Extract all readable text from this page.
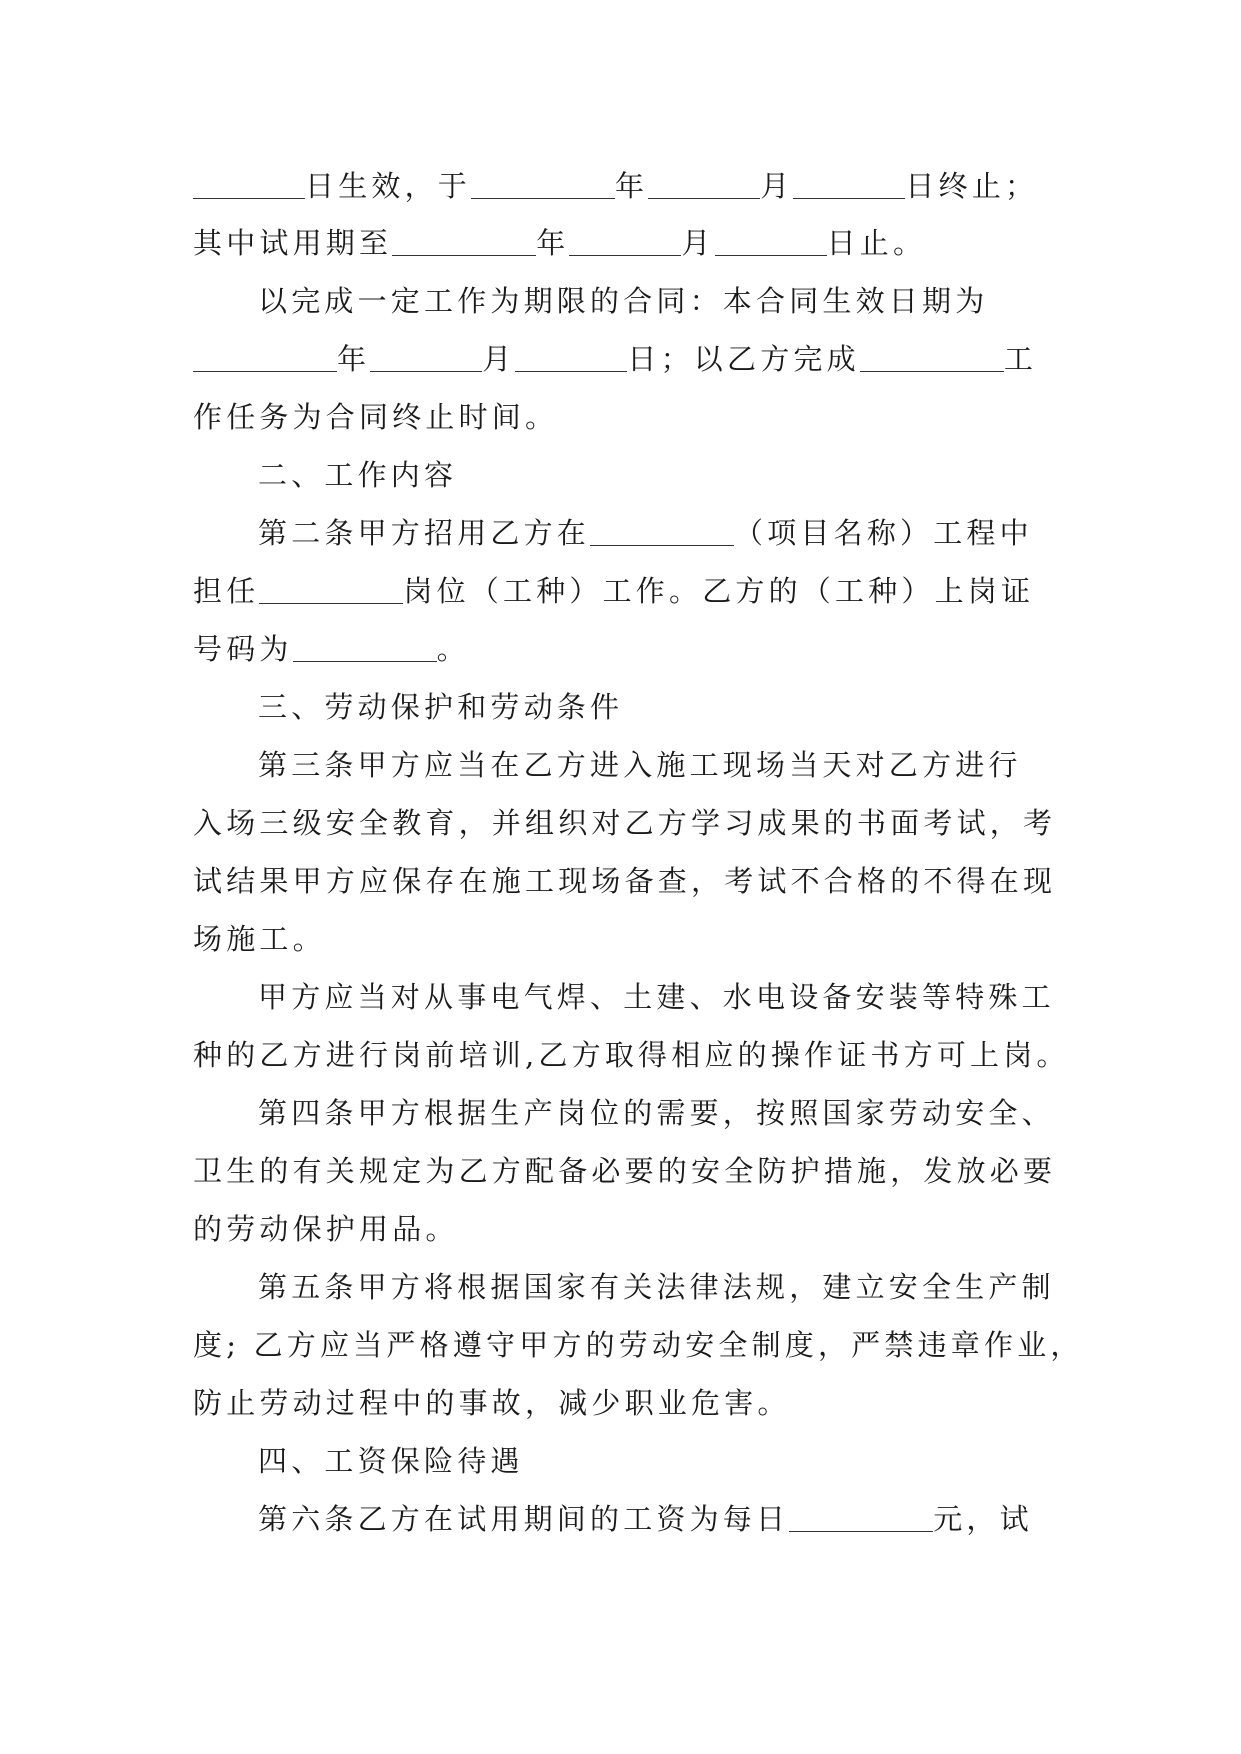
日生效，于	年	月	日终止；
其中试用期至	年	月	日止。
以完成一定工作为期限的合同：本合同生效日期为
年	月	日；以乙方完成	工
作任务为合同终止时间。
二、工作内容
第二条甲方招用乙方在	（项目名称）工程中
担任	岗位（工种）工作。乙方的（工种）上岗证
号码为	。
三、劳动保护和劳动条件
第三条甲方应当在乙方进入施工现场当天对乙方进行
入场三级安全教育，并组织对乙方学习成果的书面考试，考
试结果甲方应保存在施工现场备查，考试不合格的不得在现
场施工。
甲方应当对从事电气焊、土建、水电设备安装等特殊工
种的乙方进行岗前培训,乙方取得相应的操作证书方可上岗。
第四条甲方根据生产岗位的需要，按照国家劳动安全、
卫生的有关规定为乙方配备必要的安全防护措施，发放必要
的劳动保护用品。
第五条甲方将根据国家有关法律法规，建立安全生产制
度; 乙方应当严格遵守甲方的劳动安全制度，严禁违章作业，
防止劳动过程中的事故，减少职业危害。
四、工资保险待遇
第六条乙方在试用期间的工资为每日	元，试
